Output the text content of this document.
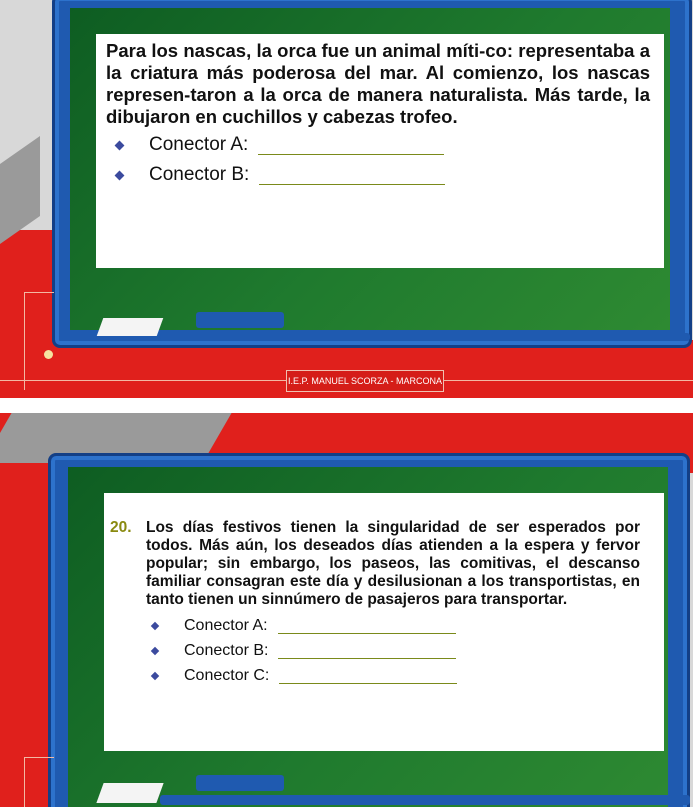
Para los nascas, la orca fue un animal míti-co: representaba a la criatura más poderosa del mar. Al comienzo, los nascas represen-taron a la orca de manera naturalista. Más tarde, la dibujaron en cuchillos y cabezas trofeo.

Conector A:
Conector B:
I.E.P. MANUEL SCORZA - MARCONA
20. Los días festivos tienen la singularidad de ser esperados por todos. Más aún, los deseados días atienden a la espera y fervor popular; sin embargo, los paseos, las comitivas, el descanso familiar consagran este día y desilusionan a los transportistas, en tanto tienen un sinnúmero de pasajeros para transportar.

Conector A:
Conector B:
Conector C:
